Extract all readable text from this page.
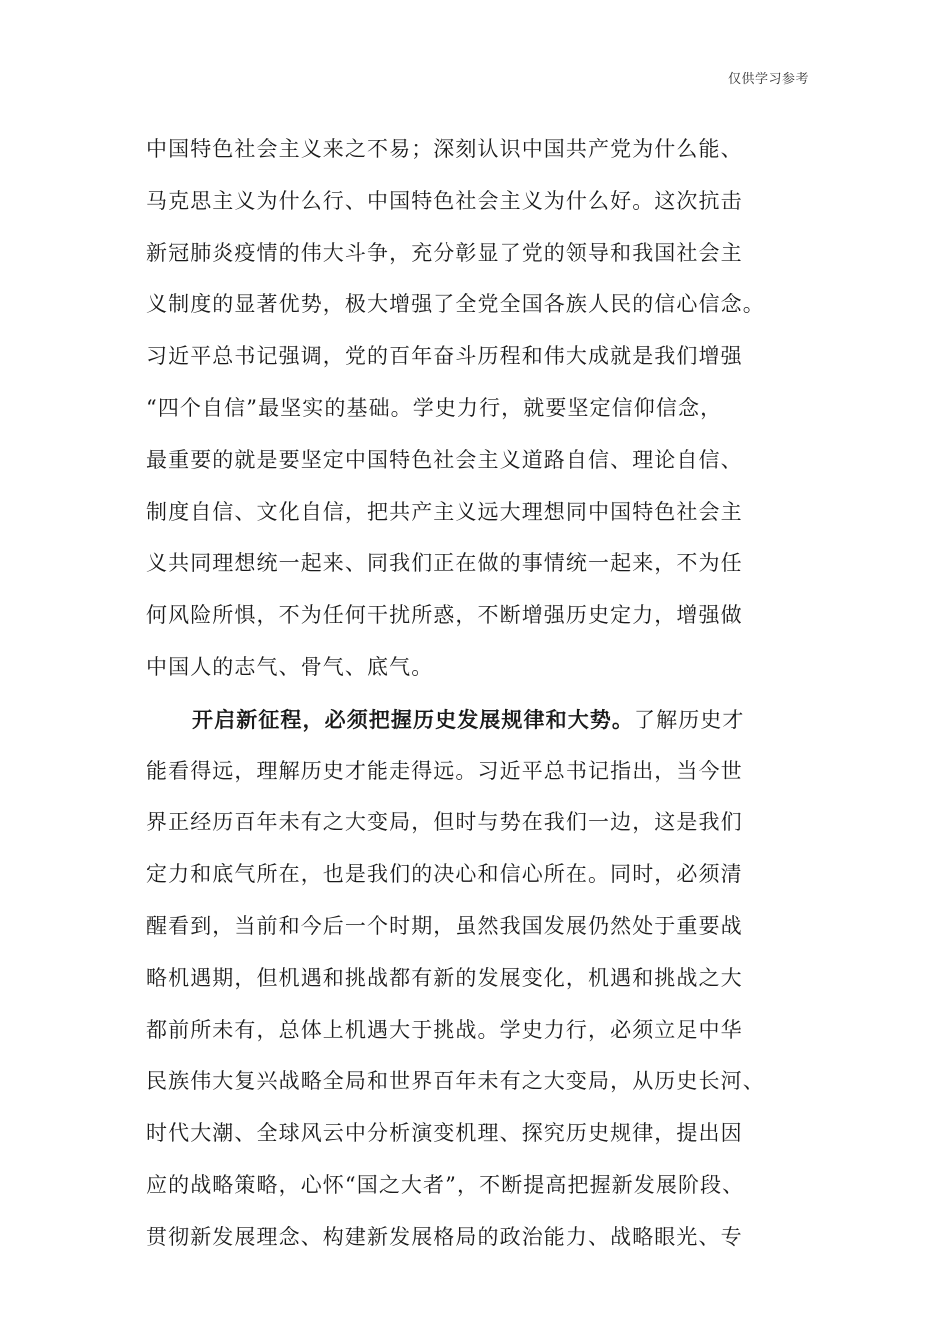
仅供学习参考
中国特色社会主义来之不易；深刻认识中国共产党为什么能、
马克思主义为什么行、中国特色社会主义为什么好。这次抗击
新冠肺炎疫情的伟大斗争，充分彰显了党的领导和我国社会主
义制度的显著优势，极大增强了全党全国各族人民的信心信念。
习近平总书记强调，党的百年奋斗历程和伟大成就是我们增强
“四个自信”最坚实的基础。学史力行，就要坚定信仰信念，
最重要的就是要坚定中国特色社会主义道路自信、理论自信、
制度自信、文化自信，把共产主义远大理想同中国特色社会主
义共同理想统一起来、同我们正在做的事情统一起来，不为任
何风险所惧，不为任何干扰所惑，不断增强历史定力，增强做
中国人的志气、骨气、底气。
开启新征程，必须把握历史发展规律和大势。了解历史才
能看得远，理解历史才能走得远。习近平总书记指出，当今世
界正经历百年未有之大变局，但时与势在我们一边，这是我们
定力和底气所在，也是我们的决心和信心所在。同时，必须清
醒看到，当前和今后一个时期，虽然我国发展仍然处于重要战
略机遇期，但机遇和挑战都有新的发展变化，机遇和挑战之大
都前所未有，总体上机遇大于挑战。学史力行，必须立足中华
民族伟大复兴战略全局和世界百年未有之大变局，从历史长河、
时代大潮、全球风云中分析演变机理、探究历史规律，提出因
应的战略策略，心怀“国之大者”，不断提高把握新发展阶段、
贯彻新发展理念、构建新发展格局的政治能力、战略眼光、专
